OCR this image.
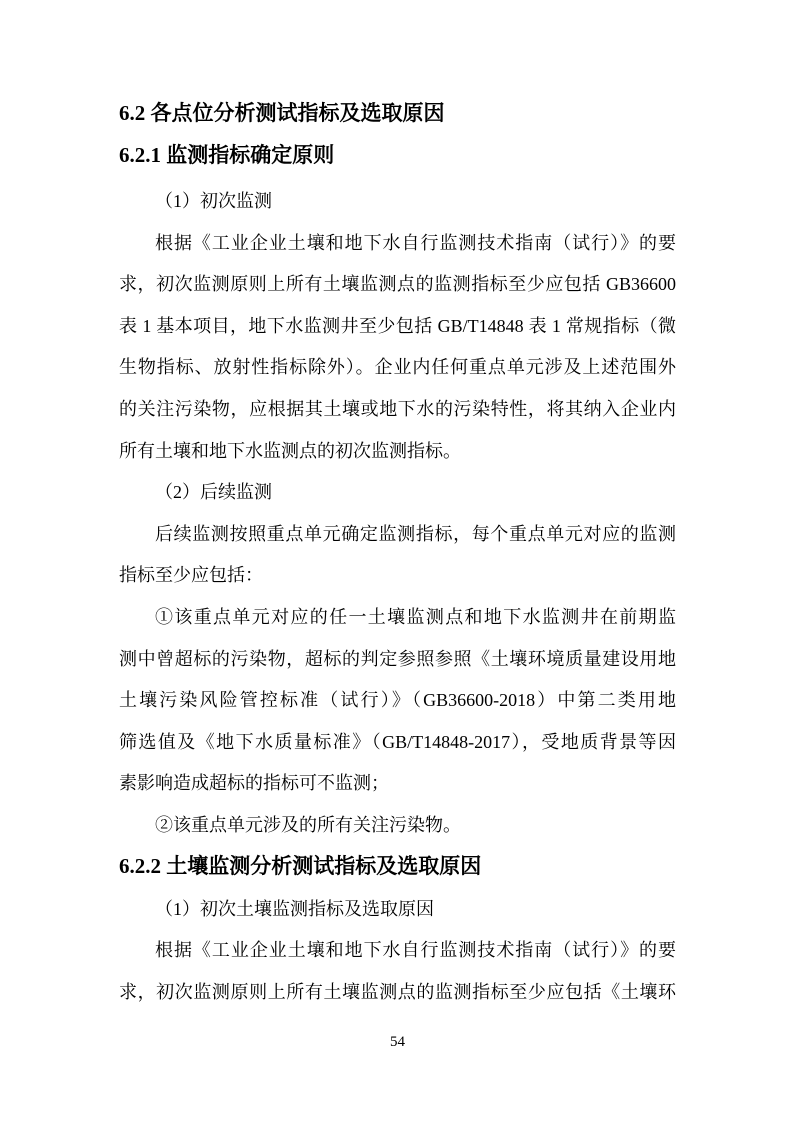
6.2 各点位分析测试指标及选取原因
6.2.1 监测指标确定原则
（1）初次监测
根据《工业企业土壤和地下水自行监测技术指南（试行）》的要
求，初次监测原则上所有土壤监测点的监测指标至少应包括 GB36600
表 1 基本项目，地下水监测井至少包括 GB/T14848 表 1 常规指标（微
生物指标、放射性指标除外）。企业内任何重点单元涉及上述范围外
的关注污染物，应根据其土壤或地下水的污染特性，将其纳入企业内
所有土壤和地下水监测点的初次监测指标。
（2）后续监测
后续监测按照重点单元确定监测指标，每个重点单元对应的监测
指标至少应包括：
①该重点单元对应的任一土壤监测点和地下水监测井在前期监
测中曾超标的污染物，超标的判定参照参照《土壤环境质量建设用地
土壤污染风险管控标准（试行）》（GB36600-2018）中第二类用地
筛选值及《地下水质量标准》（GB/T14848-2017），受地质背景等因
素影响造成超标的指标可不监测；
②该重点单元涉及的所有关注污染物。
6.2.2 土壤监测分析测试指标及选取原因
（1）初次土壤监测指标及选取原因
根据《工业企业土壤和地下水自行监测技术指南（试行）》的要
求，初次监测原则上所有土壤监测点的监测指标至少应包括《土壤环
54
